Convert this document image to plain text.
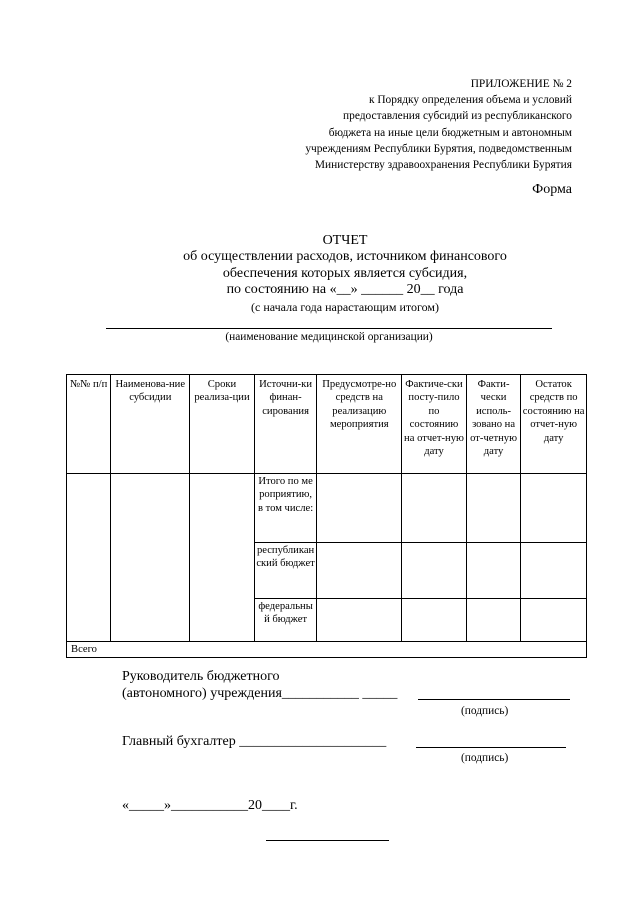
ПРИЛОЖЕНИЕ № 2
к Порядку определения объема и условий
предоставления субсидий из республиканского
бюджета на иные цели бюджетным и автономным
учреждениям Республики Бурятия, подведомственным
Министерству здравоохранения Республики Бурятия
Форма
ОТЧЕТ
об осуществлении расходов, источником финансового
обеспечения которых является субсидия,
по состоянию на «__» ______ 20__ года
(с начала года нарастающим итогом)
(наименование медицинской организации)
№№ п/п	Наименова-ние субсидии	Сроки реализа-ции	Источни-ки финан-сирования	Предусмотре-но средств на реализацию мероприятия	Фактиче-ски посту-пило по состоянию на отчет-ную дату	Факти-чески исполь-зовано на от-четную дату	Остаток средств по состоянию на отчет-ную дату
			Итого по мероприятию, в том числе:				
			республиканский бюджет				
			федеральный бюджет				
Всего							
Руководитель бюджетного
(автономного) учреждения___________ _____
(подпись)
Главный бухгалтер _____________________
(подпись)
«_____»___________20____г.
